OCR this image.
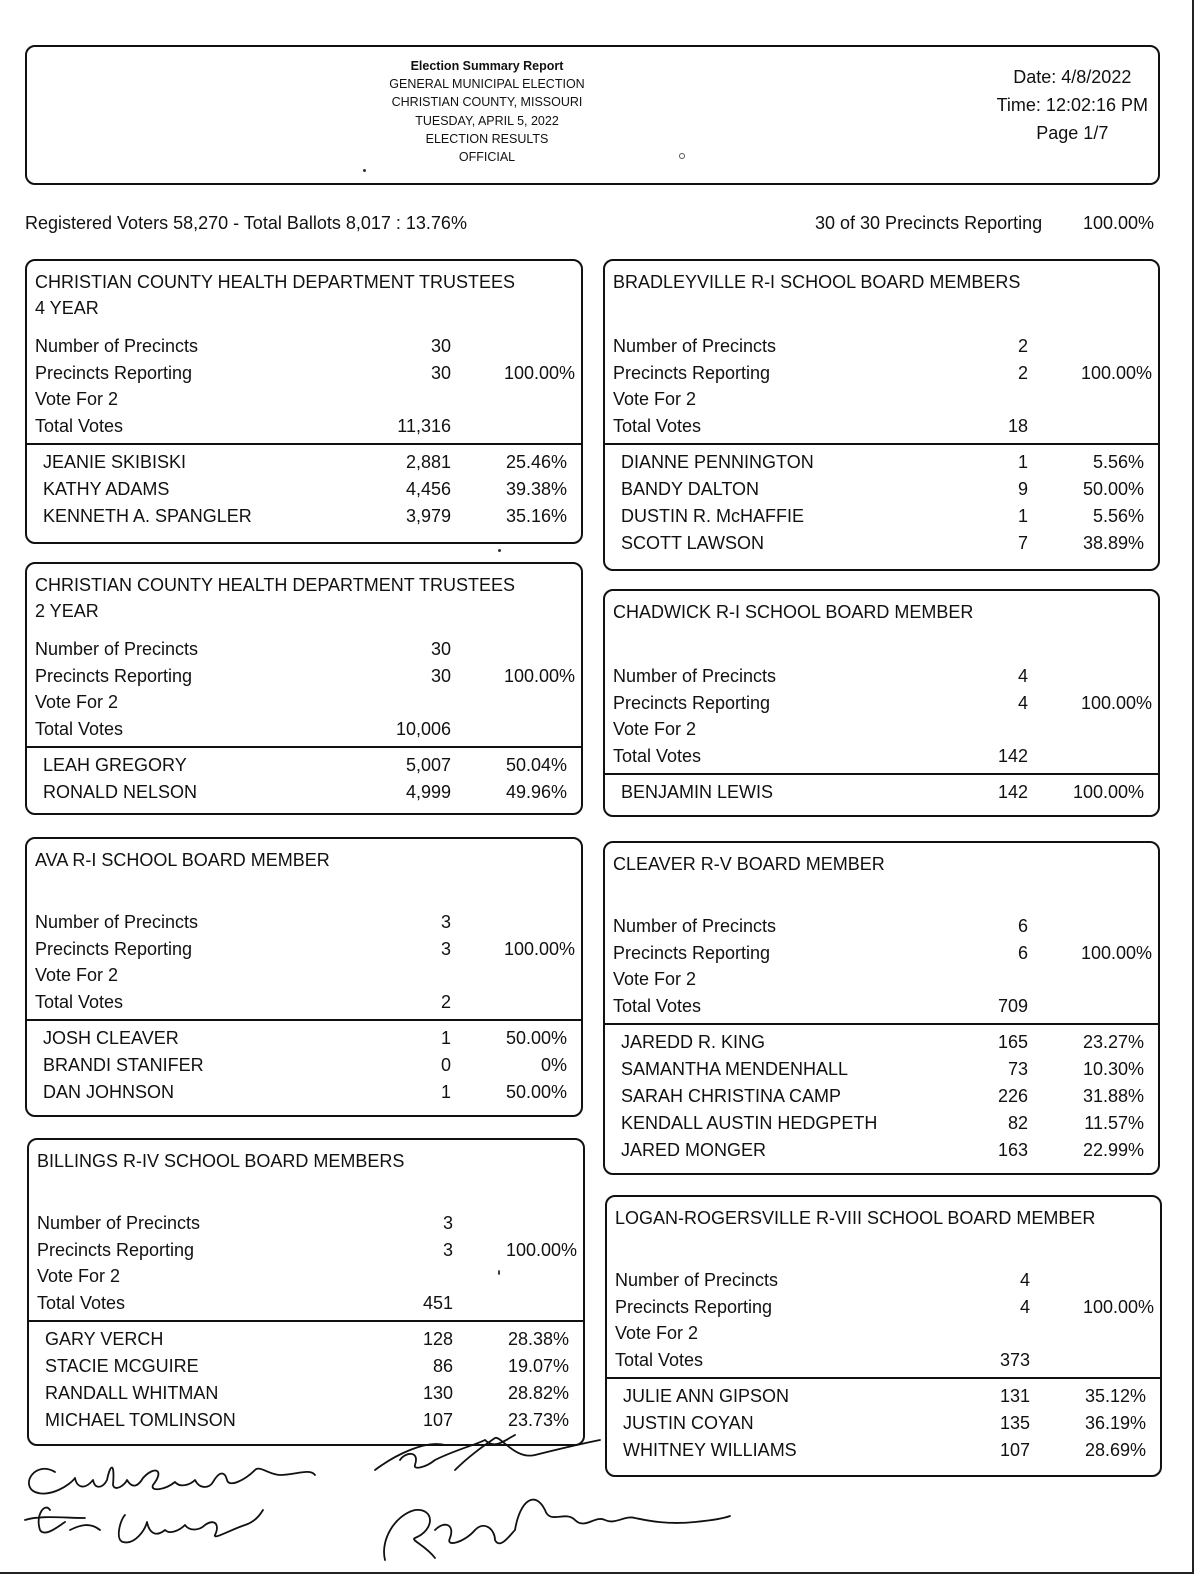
Election Summary Report
GENERAL MUNICIPAL ELECTION
CHRISTIAN COUNTY, MISSOURI
TUESDAY, APRIL 5, 2022
ELECTION RESULTS
OFFICIAL
Date: 4/8/2022
Time: 12:02:16 PM
Page 1/7
Registered Voters 58,270 - Total Ballots 8,017 : 13.76%	30 of 30 Precincts Reporting 100.00%
CHRISTIAN COUNTY HEALTH DEPARTMENT TRUSTEES
4 YEAR
Number of Precincts	30
Precincts Reporting	30	100.00%
Vote For 2
Total Votes	11,316
JEANIE SKIBISKI	2,881	25.46%
KATHY ADAMS	4,456	39.38%
KENNETH A. SPANGLER	3,979	35.16%
CHRISTIAN COUNTY HEALTH DEPARTMENT TRUSTEES
2 YEAR
Number of Precincts	30
Precincts Reporting	30	100.00%
Vote For 2
Total Votes	10,006
LEAH GREGORY	5,007	50.04%
RONALD NELSON	4,999	49.96%
AVA R-I SCHOOL BOARD MEMBER
Number of Precincts	3
Precincts Reporting	3	100.00%
Vote For 2
Total Votes	2
JOSH CLEAVER	1	50.00%
BRANDI STANIFER	0	0%
DAN JOHNSON	1	50.00%
BILLINGS R-IV SCHOOL BOARD MEMBERS
Number of Precincts	3
Precincts Reporting	3	100.00%
Vote For 2
Total Votes	451
GARY VERCH	128	28.38%
STACIE MCGUIRE	86	19.07%
RANDALL WHITMAN	130	28.82%
MICHAEL TOMLINSON	107	23.73%
BRADLEYVILLE R-I SCHOOL BOARD MEMBERS
Number of Precincts	2
Precincts Reporting	2	100.00%
Vote For 2
Total Votes	18
DIANNE PENNINGTON	1	5.56%
BANDY DALTON	9	50.00%
DUSTIN R. McHAFFIE	1	5.56%
SCOTT LAWSON	7	38.89%
CHADWICK R-I SCHOOL BOARD MEMBER
Number of Precincts	4
Precincts Reporting	4	100.00%
Vote For 2
Total Votes	142
BENJAMIN LEWIS	142 100.00%
CLEAVER R-V BOARD MEMBER
Number of Precincts	6
Precincts Reporting	6	100.00%
Vote For 2
Total Votes	709
JAREDD R. KING	165	23.27%
SAMANTHA MENDENHALL	73	10.30%
SARAH CHRISTINA CAMP	226	31.88%
KENDALL AUSTIN HEDGPETH	82	11.57%
JARED MONGER	163	22.99%
LOGAN-ROGERSVILLE R-VIII SCHOOL BOARD MEMBER
Number of Precincts	4
Precincts Reporting	4	100.00%
Vote For 2
Total Votes	373
JULIE ANN GIPSON	131	35.12%
JUSTIN COYAN	135	36.19%
WHITNEY WILLIAMS	107	28.69%
